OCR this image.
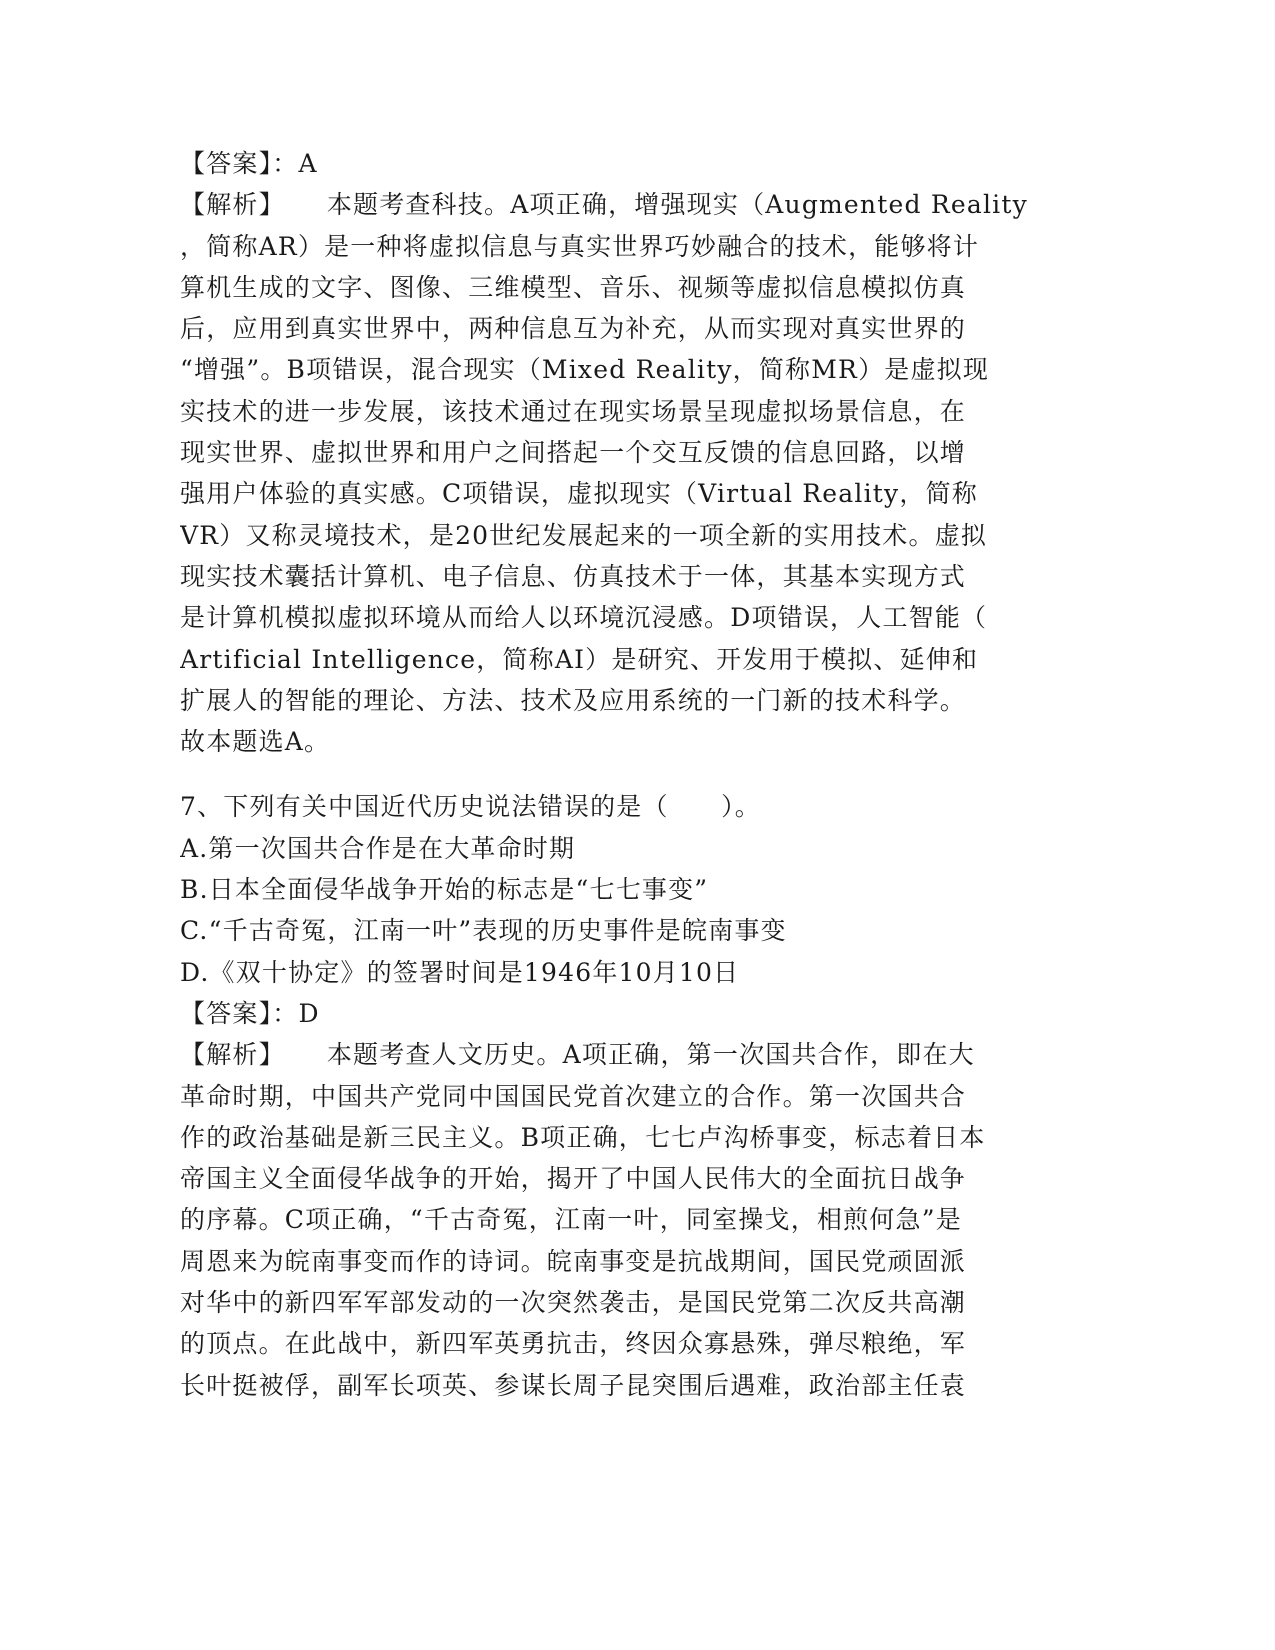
【答案】：A
【解析】 本题考查科技。A项正确，增强现实（Augmented Reality
，简称AR）是一种将虚拟信息与真实世界巧妙融合的技术，能够将计
算机生成的文字、图像、三维模型、音乐、视频等虚拟信息模拟仿真
后，应用到真实世界中，两种信息互为补充，从而实现对真实世界的
“增强”。B项错误，混合现实（Mixed Reality，简称MR）是虚拟现
实技术的进一步发展，该技术通过在现实场景呈现虚拟场景信息，在
现实世界、虚拟世界和用户之间搭起一个交互反馈的信息回路，以增
强用户体验的真实感。C项错误，虚拟现实（Virtual Reality，简称
VR）又称灵境技术，是20世纪发展起来的一项全新的实用技术。虚拟
现实技术囊括计算机、电子信息、仿真技术于一体，其基本实现方式
是计算机模拟虚拟环境从而给人以环境沉浸感。D项错误，人工智能（
Artificial Intelligence，简称AI）是研究、开发用于模拟、延伸和
扩展人的智能的理论、方法、技术及应用系统的一门新的技术科学。
故本题选A。
7、下列有关中国近代历史说法错误的是（　　）。
A.第一次国共合作是在大革命时期
B.日本全面侵华战争开始的标志是“七七事变”
C.“千古奇冤，江南一叶”表现的历史事件是皖南事变
D.《双十协定》的签署时间是1946年10月10日
【答案】：D
【解析】 本题考查人文历史。A项正确，第一次国共合作，即在大
革命时期，中国共产党同中国国民党首次建立的合作。第一次国共合
作的政治基础是新三民主义。B项正确，七七卢沟桥事变，标志着日本
帝国主义全面侵华战争的开始，揭开了中国人民伟大的全面抗日战争
的序幕。C项正确，“千古奇冤，江南一叶，同室操戈，相煎何急”是
周恩来为皖南事变而作的诗词。皖南事变是抗战期间，国民党顽固派
对华中的新四军军部发动的一次突然袭击，是国民党第二次反共高潮
的顶点。在此战中，新四军英勇抗击，终因众寡悬殊，弹尽粮绝，军
长叶挺被俘，副军长项英、参谋长周子昆突围后遇难，政治部主任袁
